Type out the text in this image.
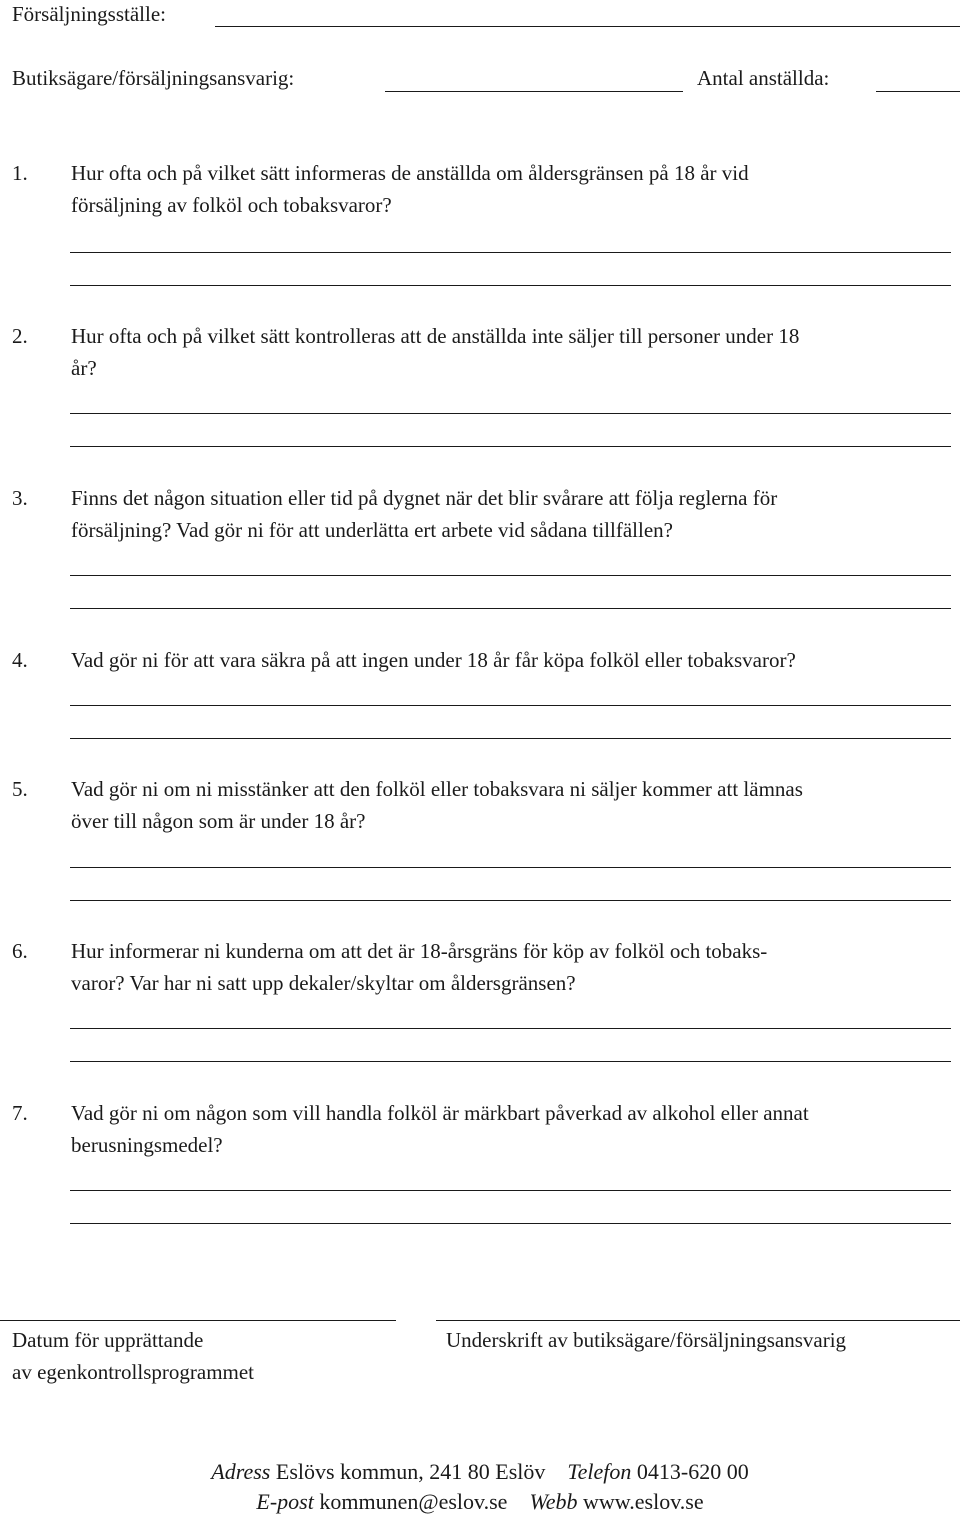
Försäljningsställe:
Butiksägare/försäljningsansvarig:	Antal anställda:
1. Hur ofta och på vilket sätt informeras de anställda om åldersgränsen på 18 år vid
försäljning av folköl och tobaksvaror?
2. Hur ofta och på vilket sätt kontrolleras att de anställda inte säljer till personer under 18
år?
3. Finns det någon situation eller tid på dygnet när det blir svårare att följa reglerna för
försäljning? Vad gör ni för att underlätta ert arbete vid sådana tillfällen?
4. Vad gör ni för att vara säkra på att ingen under 18 år får köpa folköl eller tobaksvaror?
5. Vad gör ni om ni misstänker att den folköl eller tobaksvara ni säljer kommer att lämnas
över till någon som är under 18 år?
6. Hur informerar ni kunderna om att det är 18-årsgräns för köp av folköl och tobaks-
varor? Var har ni satt upp dekaler/skyltar om åldersgränsen?
7. Vad gör ni om någon som vill handla folköl är märkbart påverkad av alkohol eller annat
berusningsmedel?
Datum för upprättande
av egenkontrollsprogrammet
Underskrift av butiksägare/försäljningsansvarig
Adress Eslövs kommun, 241 80 Eslöv Telefon 0413-620 00
E-post kommunen@eslov.se Webb www.eslov.se
